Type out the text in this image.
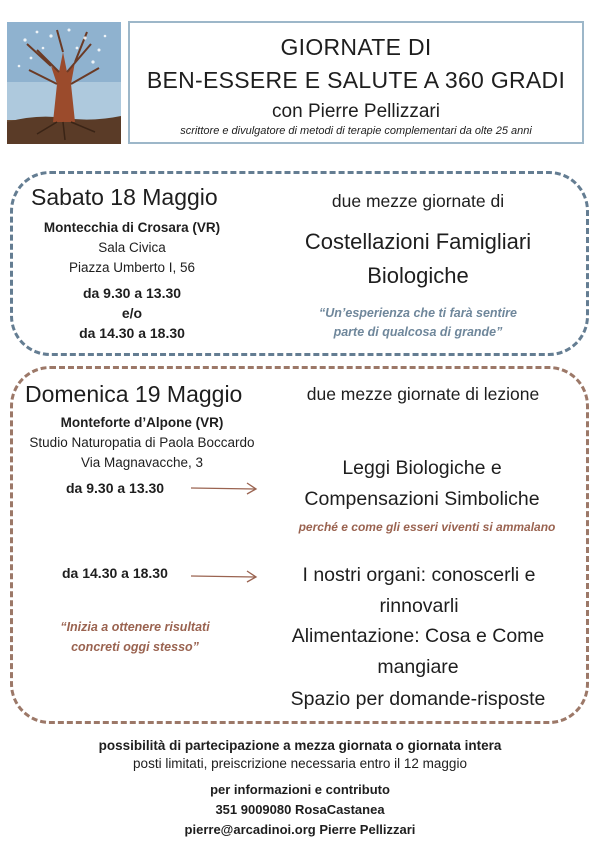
GIORNATE DI
BEN-ESSERE E SALUTE A 360 GRADI
con Pierre Pellizzari
scrittore e divulgatore di metodi di terapie complementari da olte 25 anni
Sabato 18 Maggio
Montecchia di Crosara (VR)
Sala Civica
Piazza Umberto I, 56
da 9.30 a 13.30
e/o
da 14.30 a 18.30
due mezze giornate di
Costellazioni Famigliari
Biologiche
“Un’esperienza che ti farà sentire
parte di qualcosa di grande”
Domenica 19 Maggio	due mezze giornate di lezione
Monteforte d’Alpone (VR)
Studio Naturopatia di Paola Boccardo
Via Magnavacche, 3
da 9.30 a 13.30
da 14.30 a 18.30
Leggi Biologiche e
Compensazioni Simboliche
perché e come gli esseri viventi si ammalano
I nostri organi: conoscerli e
rinnovarli
Alimentazione: Cosa e Come
mangiare
Spazio per domande-risposte
“Inizia a ottenere risultati
concreti oggi stesso”
possibilità di partecipazione a mezza giornata o giornata intera
posti limitati, preiscrizione necessaria entro il 12 maggio
per informazioni e contributo
351 9009080 RosaCastanea
pierre@arcadinoi.org Pierre Pellizzari
